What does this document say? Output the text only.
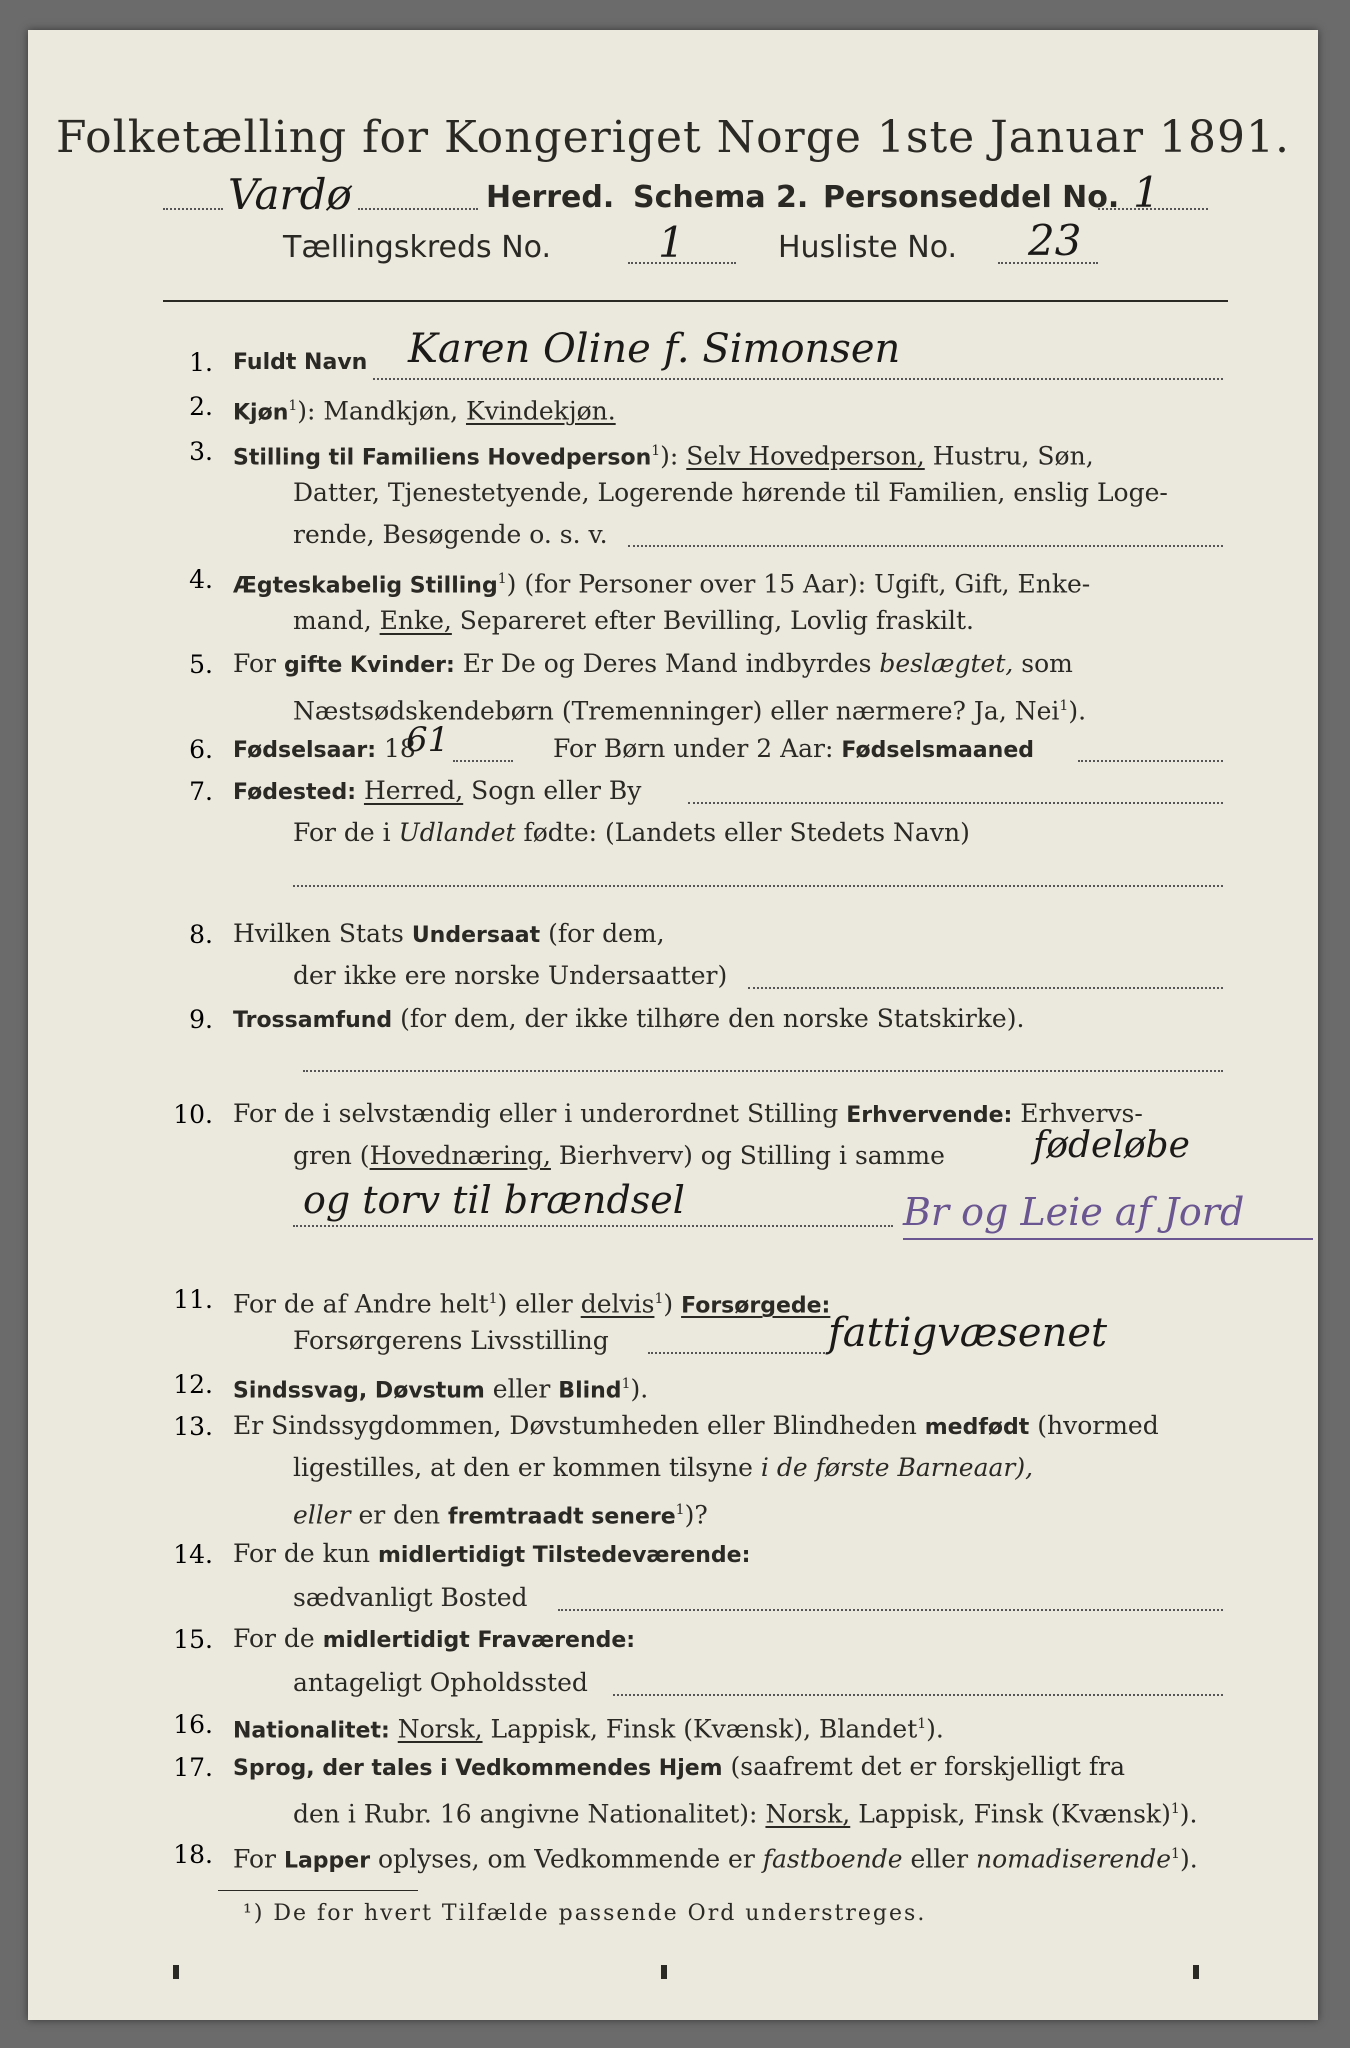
Folketælling for Kongeriget Norge 1ste Januar 1891.
Vardø	Herred. Schema 2. Personseddel No. 1
Tællingskreds No.	1	Husliste No. 23
1. Fuldt Navn Karen Oline f. Simonsen
2. Kjøn$^1$): Mandkjøn, Kvindekjøn.
3. Stilling til Familiens Hovedperson$^1$): Selv Hovedperson, Hustru, Søn,
Datter, Tjenestetyende, Logerende hørende til Familien, enslig Loge-
rende, Besøgende o. s. v.
4. Ægteskabelig Stilling$^1$) (for Personer over 15 Aar): Ugift, Gift, Enke-
mand, Enke, Separeret efter Bevilling, Lovlig fraskilt.
5. For gifte Kvinder: Er De og Deres Mand indbyrdes beslægtet, som
Næstsødskendebørn (Tremenninger) eller nærmere? Ja, Nei$^1$).
6. Fødselsaar: 18
61	For Børn under 2 Aar: Fødselsmaaned
7. Fødested: Herred, Sogn eller By
For de i Udlandet fødte: (Landets eller Stedets Navn)
8. Hvilken Stats Undersaat (for dem,
der ikke ere norske Undersaatter)
9. Trossamfund (for dem, der ikke tilhøre den norske Statskirke).
10. For de i selvstændig eller i underordnet Stilling Erhvervende: Erhvervs-
gren (Hovednæring, Bierhverv) og Stilling i samme fødeløbe
og torv til brændsel	Br og Leie af Jord
11. For de af Andre helt$^1$) eller delvis$^1$) Forsørgede:
Forsørgerens Livsstilling	fattigvæsenet
12. Sindssvag, Døvstum eller Blind$^1$).
13. Er Sindssygdommen, Døvstumheden eller Blindheden medfødt (hvormed
ligestilles, at den er kommen tilsyne i de første Barneaar),
eller er den fremtraadt senere$^1$)?
14. For de kun midlertidigt Tilstedeværende:
sædvanligt Bosted
15. For de midlertidigt Fraværende:
antageligt Opholdssted
16. Nationalitet: Norsk, Lappisk, Finsk (Kvænsk), Blandet$^1$).
17. Sprog, der tales i Vedkommendes Hjem (saafremt det er forskjelligt fra
den i Rubr. 16 angivne Nationalitet): Norsk, Lappisk, Finsk (Kvænsk)$^1$).
18. For Lapper oplyses, om Vedkommende er fastboende eller nomadiserende$^1$).
¹) De for hvert Tilfælde passende Ord understreges.
